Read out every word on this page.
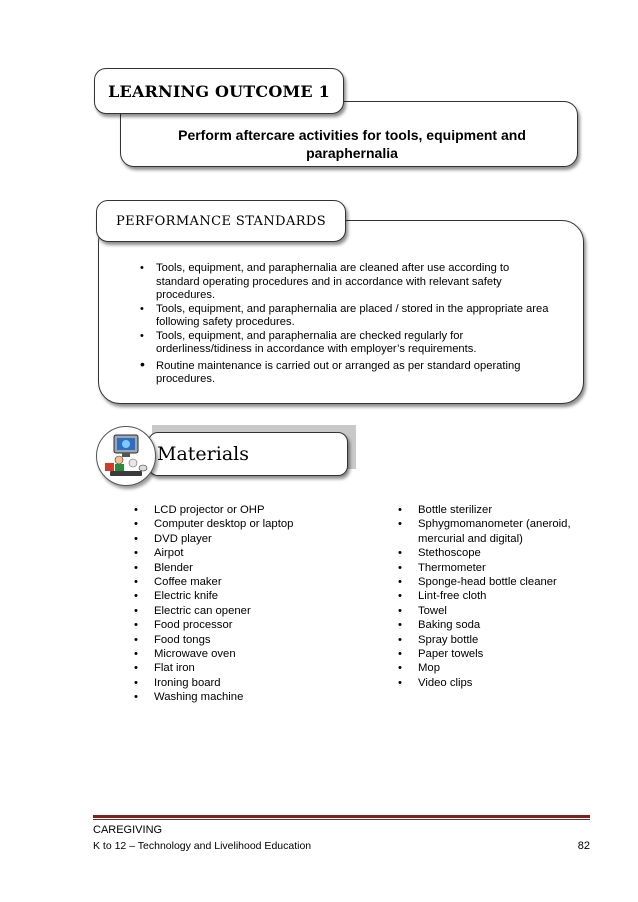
Perform aftercare activities for tools, equipment and paraphernalia
LEARNING OUTCOME 1
PERFORMANCE STANDARDS
• Tools, equipment, and paraphernalia are cleaned after use according to standard operating procedures and in accordance with relevant safety procedures.
• Tools, equipment, and paraphernalia are placed / stored in the appropriate area following safety procedures.
• Tools, equipment, and paraphernalia are checked regularly for orderliness/tidiness in accordance with employer’s requirements.
• Routine maintenance is carried out or arranged as per standard operating procedures.
Materials
• LCD projector or OHP
• Computer desktop or laptop
• DVD player
• Airpot
• Blender
• Coffee maker
• Electric knife
• Electric can opener
• Food processor
• Food tongs
• Microwave oven
• Flat iron
• Ironing board
• Washing machine
• Bottle sterilizer
• Sphygmomanometer (aneroid, mercurial and digital)
• Stethoscope
• Thermometer
• Sponge-head bottle cleaner
• Lint-free cloth
• Towel
• Baking soda
• Spray bottle
• Paper towels
• Mop
• Video clips
CAREGIVING
K to 12 – Technology and Livelihood Education	82
